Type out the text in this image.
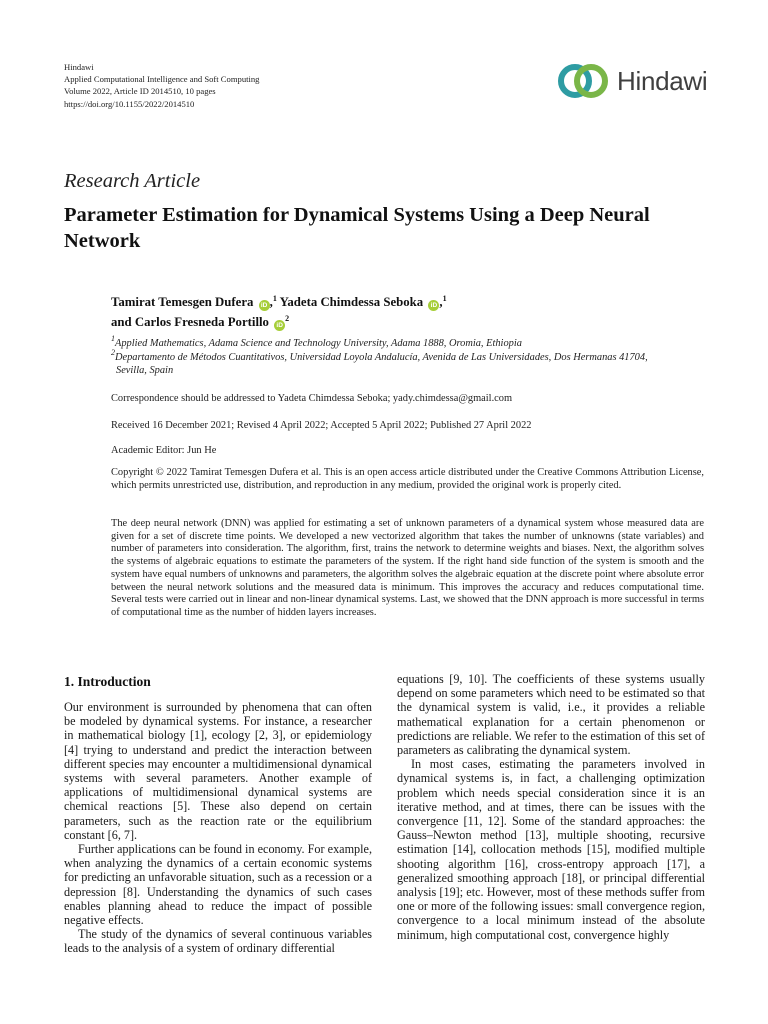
Hindawi
Applied Computational Intelligence and Soft Computing
Volume 2022, Article ID 2014510, 10 pages
https://doi.org/10.1155/2022/2014510
Hindawi
Research Article
Parameter Estimation for Dynamical Systems Using a Deep Neural Network
Tamirat Temesgen Dufera iD ,$^1$ Yadeta Chimdessa Seboka iD ,$^1$
and Carlos Fresneda Portillo $iD^2$
$^1$Applied Mathematics, Adama Science and Technology University, Adama 1888, Oromia, Ethiopia
$^2$Departamento de Métodos Cuantitativos, Universidad Loyola Andalucía, Avenida de Las Universidades, Dos Hermanas 41704,
Sevilla, Spain
Correspondence should be addressed to Yadeta Chimdessa Seboka; yady.chimdessa@gmail.com
Received 16 December 2021; Revised 4 April 2022; Accepted 5 April 2022; Published 27 April 2022
Academic Editor: Jun He
Copyright © 2022 Tamirat Temesgen Dufera et al. This is an open access article distributed under the Creative Commons Attribution License, which permits unrestricted use, distribution, and reproduction in any medium, provided the original work is properly cited.
The deep neural network (DNN) was applied for estimating a set of unknown parameters of a dynamical system whose measured data are given for a set of discrete time points. We developed a new vectorized algorithm that takes the number of unknowns (state variables) and number of parameters into consideration. The algorithm, first, trains the network to determine weights and biases. Next, the algorithm solves the systems of algebraic equations to estimate the parameters of the system. If the right hand side function of the system is smooth and the system have equal numbers of unknowns and parameters, the algorithm solves the algebraic equation at the discrete point where absolute error between the neural network solutions and the measured data is minimum. This improves the accuracy and reduces computational time. Several tests were carried out in linear and non-linear dynamical systems. Last, we showed that the DNN approach is more successful in terms of computational time as the number of hidden layers increases.
1. Introduction

Our environment is surrounded by phenomena that can often be modeled by dynamical systems. For instance, a researcher in mathematical biology [1], ecology [2, 3], or epidemiology [4] trying to understand and predict the interaction between different species may encounter a multidimensional dynamical systems with several parameters. Another example of applications of multidimensional dynamical systems are chemical reactions [5]. These also depend on certain parameters, such as the reaction rate or the equilibrium constant [6, 7].

Further applications can be found in economy. For example, when analyzing the dynamics of a certain economic systems for predicting an unfavorable situation, such as a recession or a depression [8]. Understanding the dynamics of such cases enables planning ahead to reduce the impact of possible negative effects.

The study of the dynamics of several continuous variables leads to the analysis of a system of ordinary differential

equations [9, 10]. The coefficients of these systems usually depend on some parameters which need to be estimated so that the dynamical system is valid, i.e., it provides a reliable mathematical explanation for a certain phenomenon or predictions are reliable. We refer to the estimation of this set of parameters as calibrating the dynamical system.

In most cases, estimating the parameters involved in dynamical systems is, in fact, a challenging optimization problem which needs special consideration since it is an iterative method, and at times, there can be issues with the convergence [11, 12]. Some of the standard approaches: the Gauss–Newton method [13], multiple shooting, recursive estimation [14], collocation methods [15], modified multiple shooting algorithm [16], cross-entropy approach [17], a generalized smoothing approach [18], or principal differential analysis [19]; etc. However, most of these methods suffer from one or more of the following issues: small convergence region, convergence to a local minimum instead of the absolute minimum, high computational cost, convergence highly
